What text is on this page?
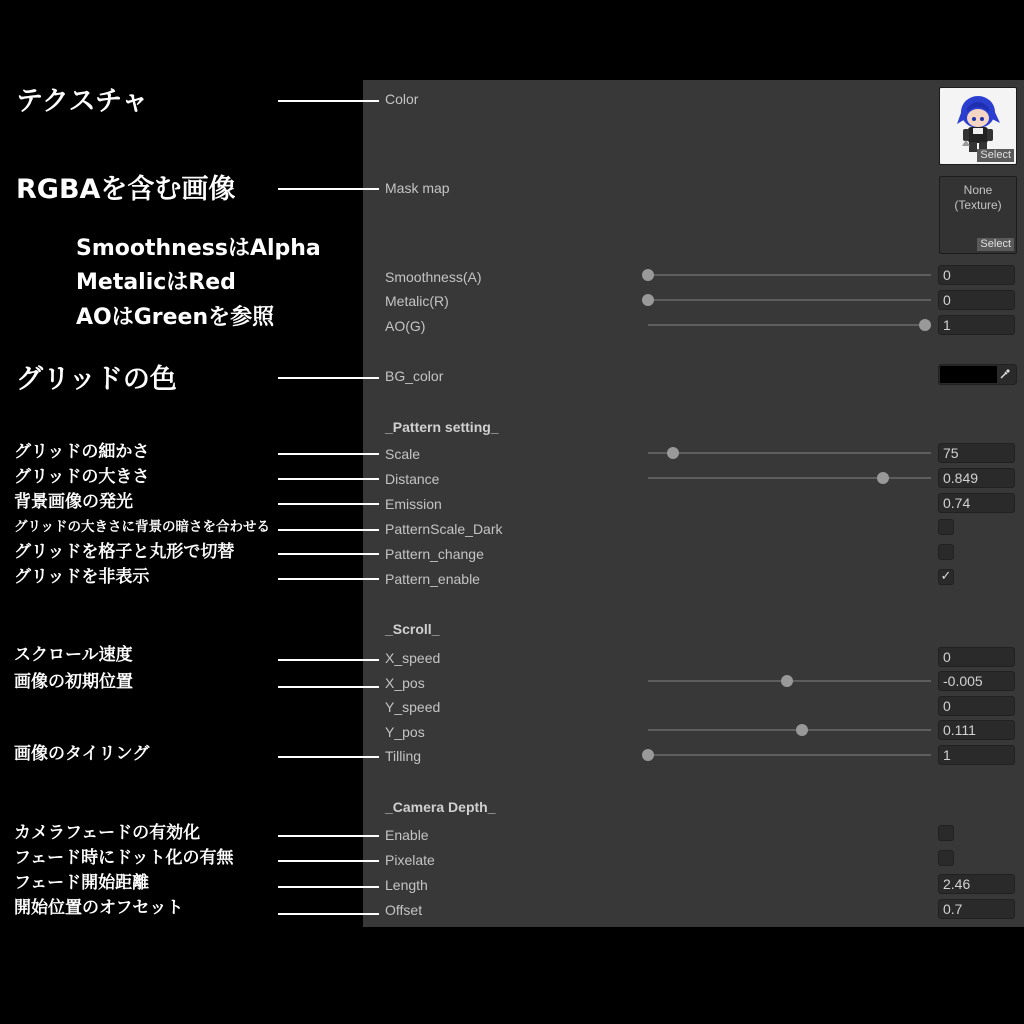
テクスチャ
RGBAを含む画像
SmoothnessはAlpha
MetalicはRed
AOはGreenを参照
グリッドの色
グリッドの細かさ
グリッドの大きさ
背景画像の発光
グリッドの大きさに背景の暗さを合わせる
グリッドを格子と丸形で切替
グリッドを非表示
スクロール速度
画像の初期位置
画像のタイリング
カメラフェードの有効化
フェード時にドット化の有無
フェード開始距離
開始位置のオフセット
Color
Select
Mask map	None
(Texture)
Select
Smoothness(A)	0
Metalic(R)	0
AO(G)	1
BG_color
_Pattern setting_
Scale	75
Distance	0.849
Emission	0.74
PatternScale_Dark
Pattern_change
Pattern_enable	✓
_Scroll_
X_speed	0
X_pos	-0.005
Y_speed	0
Y_pos	0.111
Tilling	1
_Camera Depth_
Enable
Pixelate
Length	2.46
Offset	0.7
